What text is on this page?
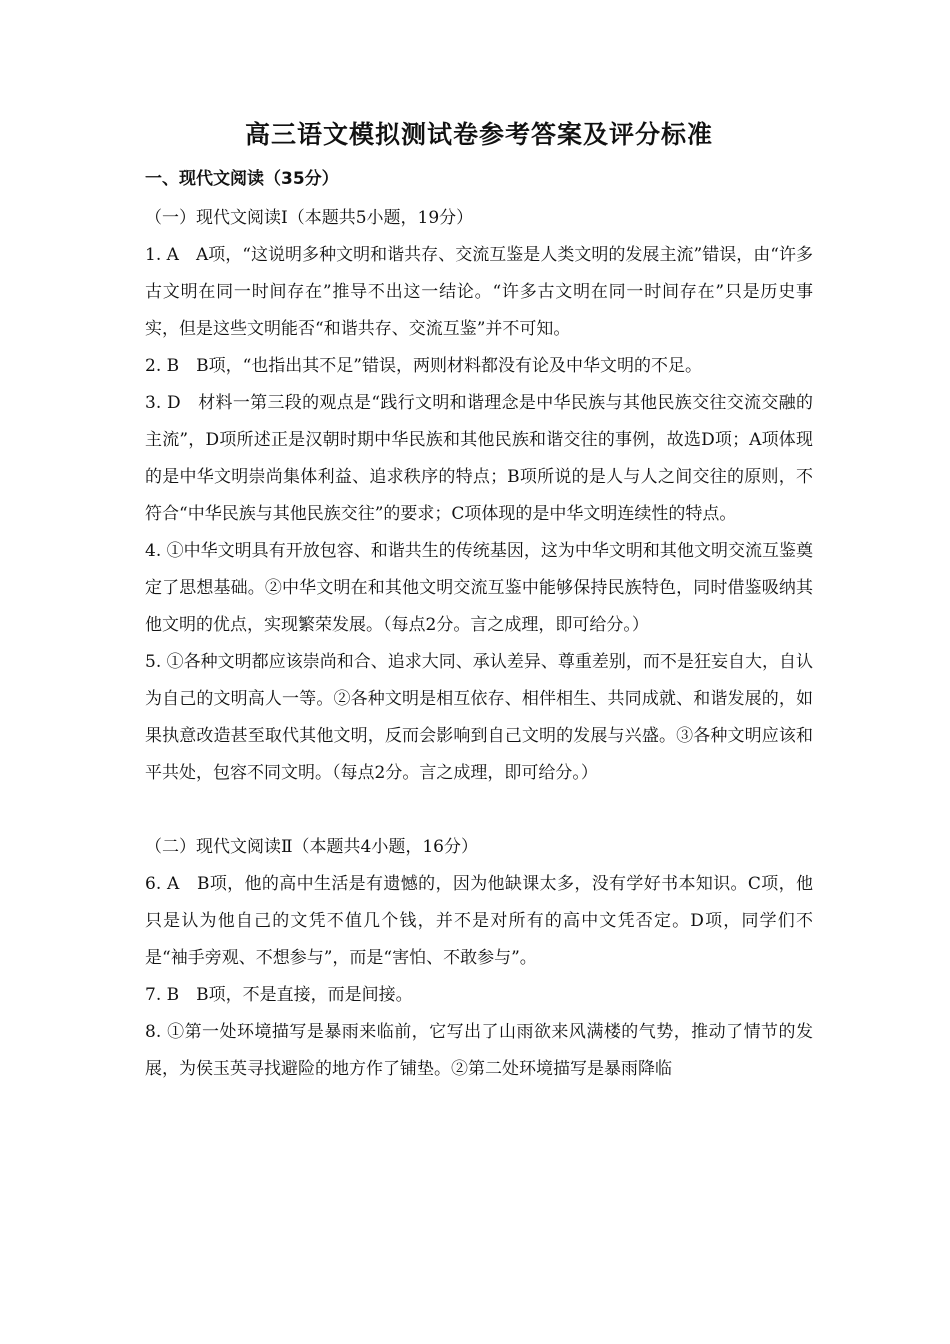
高三语文模拟测试卷参考答案及评分标准
一、现代文阅读（35分）
（一）现代文阅读Ⅰ（本题共5小题，19分）

1. A　A项，“这说明多种文明和谐共存、交流互鉴是人类文明的发展主流”错误，由“许多古文明在同一时间存在”推导不出这一结论。“许多古文明在同一时间存在”只是历史事实，但是这些文明能否“和谐共存、交流互鉴”并不可知。

2. B　B项，“也指出其不足”错误，两则材料都没有论及中华文明的不足。

3. D　材料一第三段的观点是“践行文明和谐理念是中华民族与其他民族交往交流交融的主流”，D项所述正是汉朝时期中华民族和其他民族和谐交往的事例，故选D项；A项体现的是中华文明崇尚集体利益、追求秩序的特点；B项所说的是人与人之间交往的原则，不符合“中华民族与其他民族交往”的要求；C项体现的是中华文明连续性的特点。

4. ①中华文明具有开放包容、和谐共生的传统基因，这为中华文明和其他文明交流互鉴奠定了思想基础。②中华文明在和其他文明交流互鉴中能够保持民族特色，同时借鉴吸纳其他文明的优点，实现繁荣发展。（每点2分。言之成理，即可给分。）

5. ①各种文明都应该崇尚和合、追求大同、承认差异、尊重差别，而不是狂妄自大，自认为自己的文明高人一等。②各种文明是相互依存、相伴相生、共同成就、和谐发展的，如果执意改造甚至取代其他文明，反而会影响到自己文明的发展与兴盛。③各种文明应该和平共处，包容不同文明。（每点2分。言之成理，即可给分。）

（二）现代文阅读Ⅱ（本题共4小题，16分）

6. A　B项，他的高中生活是有遗憾的，因为他缺课太多，没有学好书本知识。C项，他只是认为他自己的文凭不值几个钱，并不是对所有的高中文凭否定。D项，同学们不是“袖手旁观、不想参与”，而是“害怕、不敢参与”。

7. B　B项，不是直接，而是间接。

8. ①第一处环境描写是暴雨来临前，它写出了山雨欲来风满楼的气势，推动了情节的发展，为侯玉英寻找避险的地方作了铺垫。②第二处环境描写是暴雨降临
